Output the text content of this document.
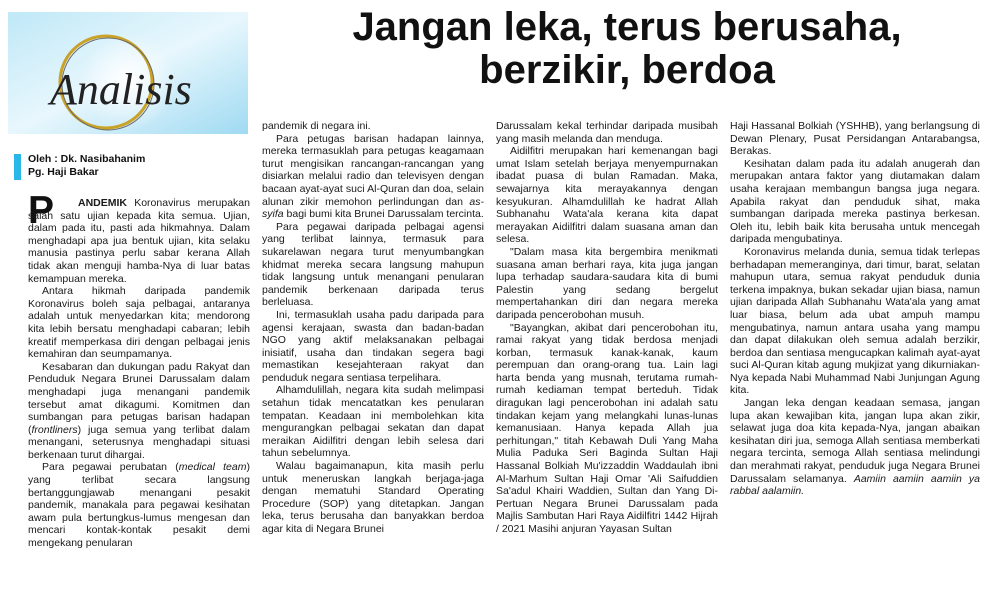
Analisis
Jangan leka, terus berusaha,
berzikir, berdoa
Oleh : Dk. Nasibahanim
Pg. Haji Bakar
P	ANDEMIK Koronavirus merupakan salah satu ujian kepada kita semua. Ujian, dalam pada itu, pasti ada hikmahnya. Dalam menghadapi apa jua bentuk ujian, kita selaku manusia pastinya perlu sabar kerana Allah tidak akan menguji hamba-Nya di luar batas kemampuan mereka.

Antara hikmah daripada pandemik Koronavirus boleh saja pelbagai, antaranya adalah untuk menyedarkan kita; mendorong kita lebih bersatu menghadapi cabaran; lebih kreatif memperkasa diri dengan pelbagai jenis kemahiran dan seumpamanya.

Kesabaran dan dukungan padu Rakyat dan Penduduk Negara Brunei Darussalam dalam menghadapi juga menangani pandemik tersebut amat dikagumi. Komitmen dan sumbangan para petugas barisan hadapan (frontliners) juga semua yang terlibat dalam menangani, seterusnya menghadapi situasi berkenaan turut dihargai.

Para pegawai perubatan (medical team) yang terlibat secara langsung bertanggungjawab menangani pesakit pandemik, manakala para pegawai kesihatan awam pula bertungkus-lumus mengesan dan mencari kontak-kontak pesakit demi mengekang penularan

pandemik di negara ini.

Para petugas barisan hadapan lainnya, mereka termasuklah para petugas keagamaan turut mengisikan rancangan-rancangan yang disiarkan melalui radio dan televisyen dengan bacaan ayat-ayat suci Al-Quran dan doa, selain alunan zikir memohon perlindungan dan as-syifa bagi bumi kita Brunei Darussalam tercinta.

Para pegawai daripada pelbagai agensi yang terlibat lainnya, termasuk para sukarelawan negara turut menyumbangkan khidmat mereka secara langsung mahupun tidak langsung untuk menangani penularan pandemik berkenaan daripada terus berleluasa.

Ini, termasuklah usaha padu daripada para agensi kerajaan, swasta dan badan-badan NGO yang aktif melaksanakan pelbagai inisiatif, usaha dan tindakan segera bagi memastikan kesejahteraan rakyat dan penduduk negara sentiasa terpelihara.

Alhamdulillah, negara kita sudah melimpasi setahun tidak mencatatkan kes penularan tempatan. Keadaan ini membolehkan kita mengurangkan pelbagai sekatan dan dapat meraikan Aidilfitri dengan lebih selesa dari tahun sebelumnya.

Walau bagaimanapun, kita masih perlu untuk meneruskan langkah berjaga-jaga dengan mematuhi Standard Operating Procedure (SOP) yang ditetapkan. Jangan leka, terus berusaha dan banyakkan berdoa agar kita di Negara Brunei

Darussalam kekal terhindar daripada musibah yang masih melanda dan menduga.

Aidilfitri merupakan hari kemenangan bagi umat Islam setelah berjaya menyempurnakan ibadat puasa di bulan Ramadan. Maka, sewajarnya kita merayakannya dengan kesyukuran. Alhamdulillah ke hadrat Allah Subhanahu Wata'ala kerana kita dapat merayakan Aidilfitri dalam suasana aman dan selesa.

"Dalam masa kita bergembira menikmati suasana aman berhari raya, kita juga jangan lupa terhadap saudara-saudara kita di bumi Palestin yang sedang bergelut mempertahankan diri dan negara mereka daripada pencerobohan musuh.

"Bayangkan, akibat dari pencerobohan itu, ramai rakyat yang tidak berdosa menjadi korban, termasuk kanak-kanak, kaum perempuan dan orang-orang tua. Lain lagi harta benda yang musnah, terutama rumah-rumah kediaman tempat berteduh. Tidak diragukan lagi pencerobohan ini adalah satu tindakan kejam yang melangkahi lunas-lunas kemanusiaan. Hanya kepada Allah jua perhitungan," titah Kebawah Duli Yang Maha Mulia Paduka Seri Baginda Sultan Haji Hassanal Bolkiah Mu'izzaddin Waddaulah ibni Al-Marhum Sultan Haji Omar 'Ali Saifuddien Sa'adul Khairi Waddien, Sultan dan Yang Di-Pertuan Negara Brunei Darussalam pada Majlis Sambutan Hari Raya Aidilfitri 1442 Hijrah / 2021 Masihi anjuran Yayasan Sultan

Haji Hassanal Bolkiah (YSHHB), yang berlangsung di Dewan Plenary, Pusat Persidangan Antarabangsa, Berakas.

Kesihatan dalam pada itu adalah anugerah dan merupakan antara faktor yang diutamakan dalam usaha kerajaan membangun bangsa juga negara. Apabila rakyat dan penduduk sihat, maka sumbangan daripada mereka pastinya berkesan. Oleh itu, lebih baik kita berusaha untuk mencegah daripada mengubatinya.

Koronavirus melanda dunia, semua tidak terlepas berhadapan memeranginya, dari timur, barat, selatan mahupun utara, semua rakyat penduduk dunia terkena impaknya, bukan sekadar ujian biasa, namun ujian daripada Allah Subhanahu Wata'ala yang amat luar biasa, belum ada ubat ampuh mampu mengubatinya, namun antara usaha yang mampu dan dapat dilakukan oleh semua adalah berzikir, berdoa dan sentiasa mengucapkan kalimah ayat-ayat suci Al-Quran kitab agung mukjizat yang dikurniakan-Nya kepada Nabi Muhammad Nabi Junjungan Agung kita.

Jangan leka dengan keadaan semasa, jangan lupa akan kewajiban kita, jangan lupa akan zikir, selawat juga doa kita kepada-Nya, jangan abaikan kesihatan diri jua, semoga Allah sentiasa memberkati negara tercinta, semoga Allah sentiasa melindungi dan merahmati rakyat, penduduk juga Negara Brunei Darussalam selamanya. Aamiin aamiin aamiin ya rabbal aalamiin.
